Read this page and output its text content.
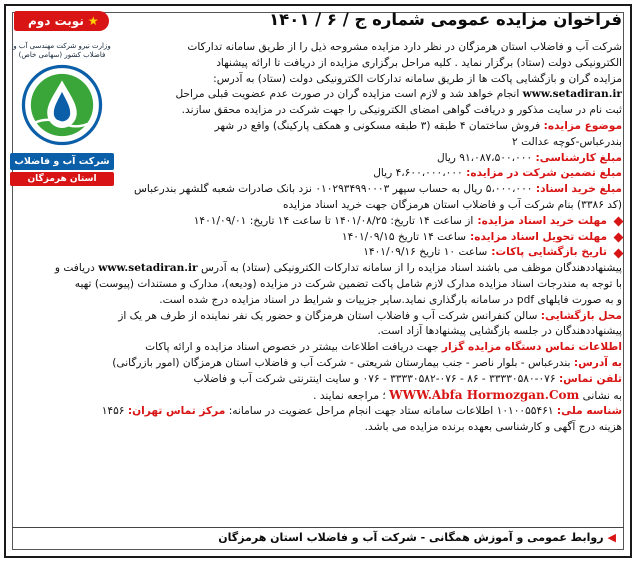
فراخوان مزایده عمومی شماره ج / ۶ / ۱۴۰۱
★نوبت دوم
وزارت نیرو شرکت مهندسی آب و فاضلاب کشور (سهامی خاص)
شرکت آب و فاضلاب
استان هرمزگان

شرکت آب و فاضلاب استان هرمزگان در نظر دارد مزایده مشروحه ذیل را از طریق سامانه تدارکات

الکترونیکی دولت (ستاد) برگزار نماید . کلیه مراحل برگزاری مزایده از دریافت تا ارائه پیشنهاد

مزایده گران و بازگشایی پاکت ها از طریق سامانه تدارکات الکترونیکی دولت (ستاد) به آدرس:

www.setadiran.ir انجام خواهد شد و لازم است مزایده گران در صورت عدم عضویت قبلی مراحل

ثبت نام در سایت مذکور و دریافت گواهی امضای الکترونیکی را جهت شرکت در مزایده محقق سازند.

موضوع مزایده: فروش ساختمان ۴ طبقه (۳ طبقه مسکونی و همکف پارکینگ) واقع در شهر

بندرعباس-کوچه عدالت ۲

مبلغ کارشناسی: ۹۱،۰۸۷،۵۰۰،۰۰۰ ریال

مبلغ تضمین شرکت در مزایده: ۴،۶۰۰،۰۰۰،۰۰۰ ریال

مبلغ خرید اسناد: ۵،۰۰۰،۰۰۰ ریال به حساب سپهر ۰۱۰۲۹۳۴۹۹۰۰۰۳ نزد بانک صادرات شعبه گلشهر بندرعباس

(کد ۳۳۸۶) بنام شرکت آب و فاضلاب استان هرمزگان جهت خرید اسناد مزایده

مهلت خرید اسناد مزایده:
از ساعت ۱۴ تاریخ: ۱۴۰۱/۰۸/۲۵ تا ساعت ۱۴ تاریخ: ۱۴۰۱/۰۹/۰۱

مهلت تحویل اسناد مزایده:
ساعت ۱۴ تاریخ ۱۴۰۱/۰۹/۱۵

تاریخ بازگشایی پاکات:
ساعت ۱۰ تاریخ ۱۴۰۱/۰۹/۱۶

پیشنهاددهندگان موظف می باشند اسناد مزایده را از سامانه تدارکات الکترونیکی (ستاد) به آدرس www.setadiran.ir دریافت و

با توجه به مندرجات اسناد مزایده مدارک لازم شامل پاکت تضمین شرکت در مزایده (ودیعه)، مدارک و مستندات (پیوست) تهیه

و به صورت فایلهای pdf در سامانه بارگذاری نماید.سایر جزییات و شرایط در اسناد مزایده درج شده است.

محل بازگشایی: سالن کنفرانس شرکت آب و فاضلاب استان هرمزگان و حضور یک نفر نماینده از طرف هر یک از

پیشنهاددهندگان در جلسه بازگشایی پیشنهادها آزاد است.

اطلاعات تماس دستگاه مزایده گزار جهت دریافت اطلاعات بیشتر در خصوص اسناد مزایده و ارائه پاکات

به آدرس: بندرعباس - بلوار ناصر - جنب بیمارستان شریعتی - شرکت آب و فاضلاب استان هرمزگان (امور بازرگانی)

تلفن تماس: ۰۷۶-۳۳۳۳۰۵۸۰ - ۸۶ - ۰۷۶-۳۳۳۳۰۵۸۲ - ۰۷۶ و سایت اینترنتی شرکت آب و فاضلاب

به نشانی WWW.Abfa Hormozgan.Com ؛ مراجعه نمایند .

شناسه ملی: ۱۰۱۰۰۵۵۴۶۱ اطلاعات سامانه ستاد جهت انجام مراحل عضویت در سامانه: مرکز تماس تهران: ۱۴۵۶

هزینه درج آگهی و کارشناسی بعهده برنده مزایده می باشد.

◀روابط عمومی و آموزش همگانی - شرکت آب و فاضلاب استان هرمزگان
